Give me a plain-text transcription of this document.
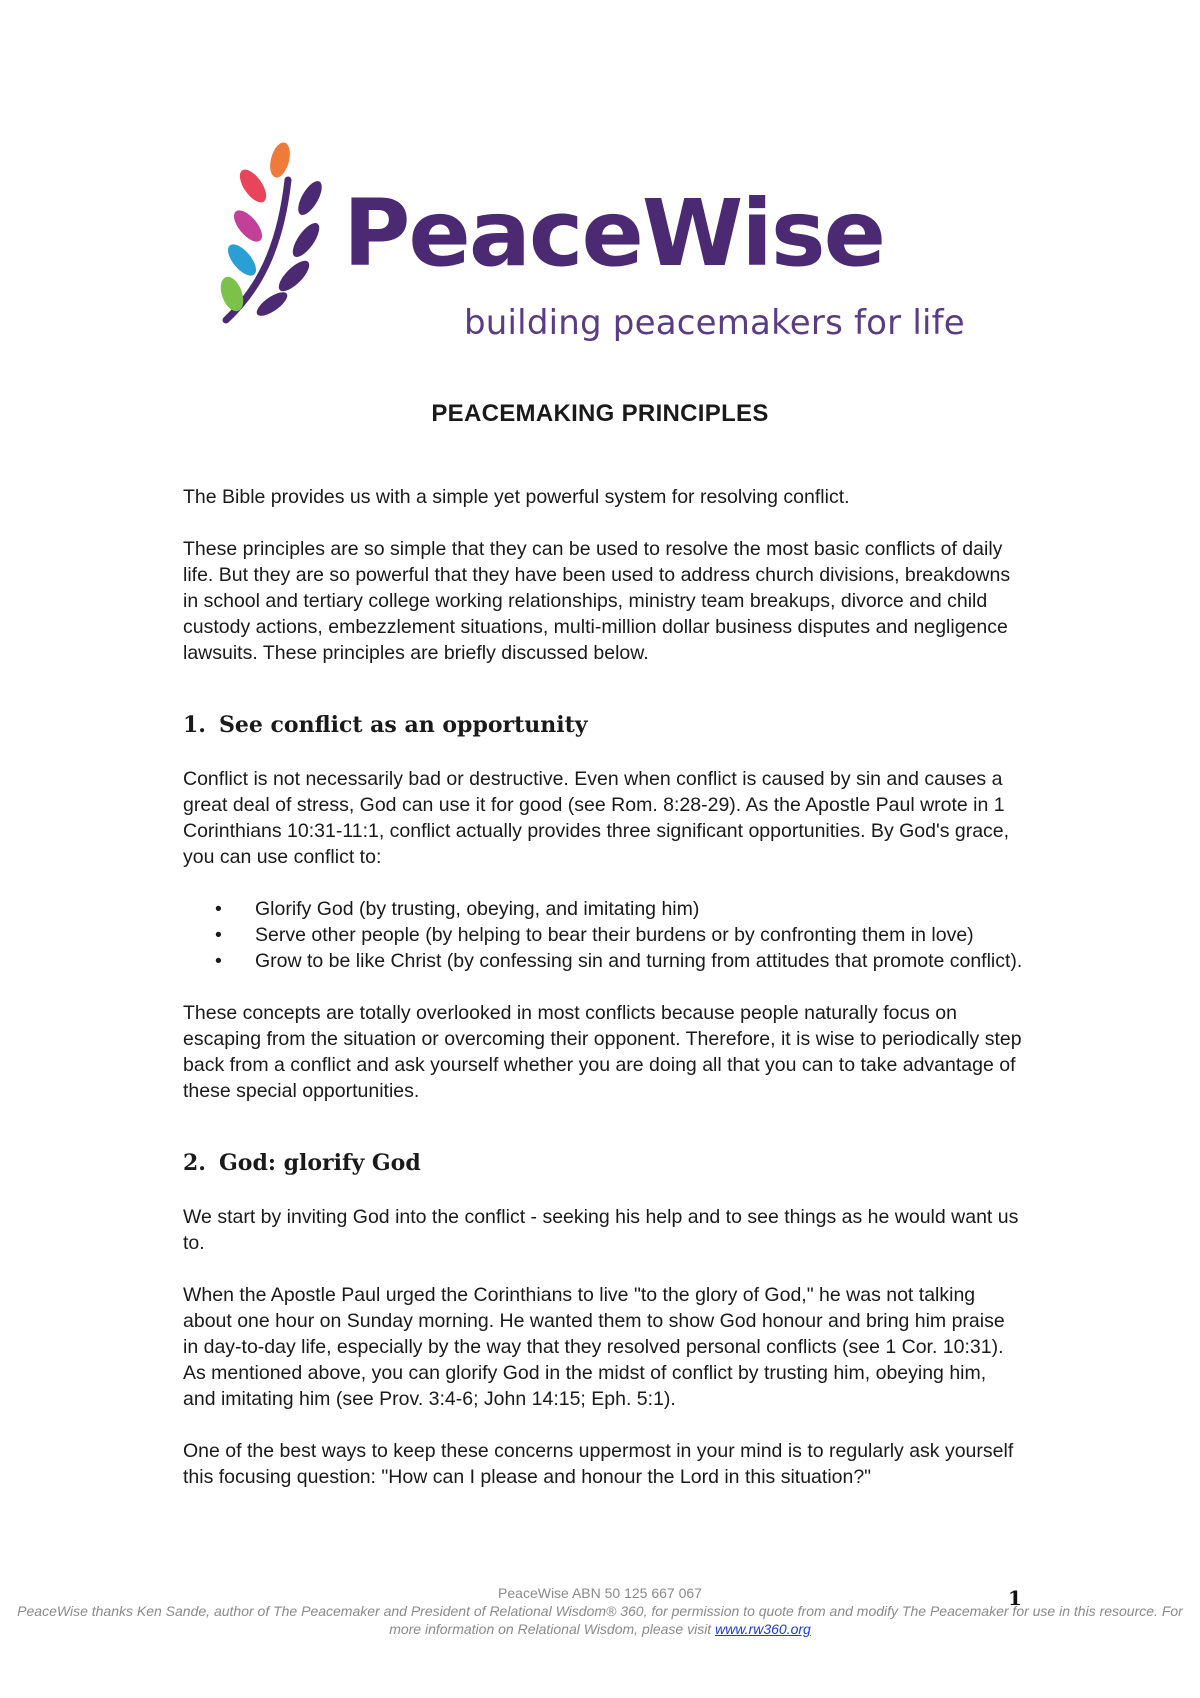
PeaceWise
building peacemakers for life
PEACEMAKING PRINCIPLES

The Bible provides us with a simple yet powerful system for resolving conflict.

These principles are so simple that they can be used to resolve the most basic conflicts of daily life. But they are so powerful that they have been used to address church divisions, breakdowns in school and tertiary college working relationships, ministry team breakups, divorce and child custody actions, embezzlement situations, multi-million dollar business disputes and negligence lawsuits. These principles are briefly discussed below.

1. See conflict as an opportunity

Conflict is not necessarily bad or destructive. Even when conflict is caused by sin and causes a great deal of stress, God can use it for good (see Rom. 8:28-29). As the Apostle Paul wrote in 1 Corinthians 10:31-11:1, conflict actually provides three significant opportunities. By God's grace, you can use conflict to:

• Glorify God (by trusting, obeying, and imitating him)
• Serve other people (by helping to bear their burdens or by confronting them in love)
• Grow to be like Christ (by confessing sin and turning from attitudes that promote conflict).

These concepts are totally overlooked in most conflicts because people naturally focus on escaping from the situation or overcoming their opponent. Therefore, it is wise to periodically step back from a conflict and ask yourself whether you are doing all that you can to take advantage of these special opportunities.

2. God: glorify God

We start by inviting God into the conflict - seeking his help and to see things as he would want us to.

When the Apostle Paul urged the Corinthians to live "to the glory of God," he was not talking about one hour on Sunday morning. He wanted them to show God honour and bring him praise in day-to-day life, especially by the way that they resolved personal conflicts (see 1 Cor. 10:31). As mentioned above, you can glorify God in the midst of conflict by trusting him, obeying him, and imitating him (see Prov. 3:4-6; John 14:15; Eph. 5:1).

One of the best ways to keep these concerns uppermost in your mind is to regularly ask yourself this focusing question: "How can I please and honour the Lord in this situation?"

PeaceWise ABN 50 125 667 067
PeaceWise thanks Ken Sande, author of The Peacemaker and President of Relational Wisdom® 360, for permission to quote from and modify The Peacemaker for use in this resource. For more information on Relational Wisdom, please visit www.rw360.org
1
